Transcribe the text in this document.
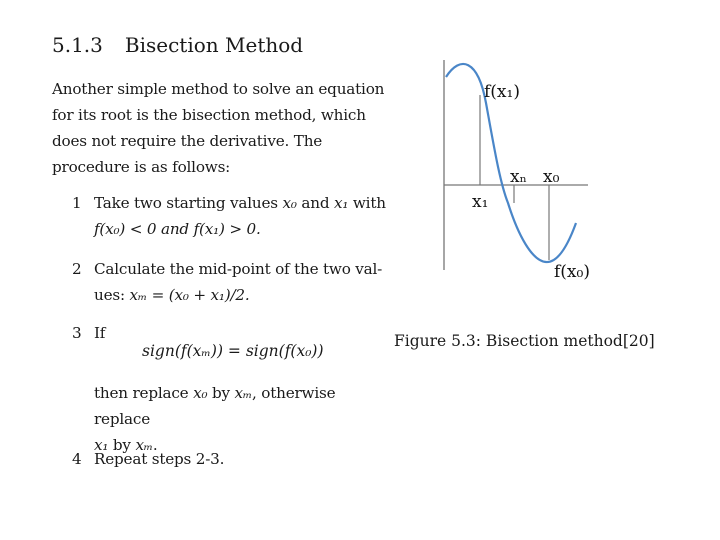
5.1.3 Bisection Method
Another simple method to solve an equation for its root is the bisection method, which does not require the derivative. The procedure is as follows:
1 Take two starting values x₀ and x₁ with
f(x₀) < 0 and f(x₁) > 0.
2 Calculate the mid-point of the two val-
ues: xₘ = (x₀ + x₁)/2.
3 If
sign(f(xₘ)) = sign(f(x₀))
then replace x₀ by xₘ, otherwise replace
x₁ by xₘ.
4 Repeat steps 2-3.
f(x₁)
xₙ x₀
x₁
f(x₀)
Figure 5.3: Bisection method[20]
